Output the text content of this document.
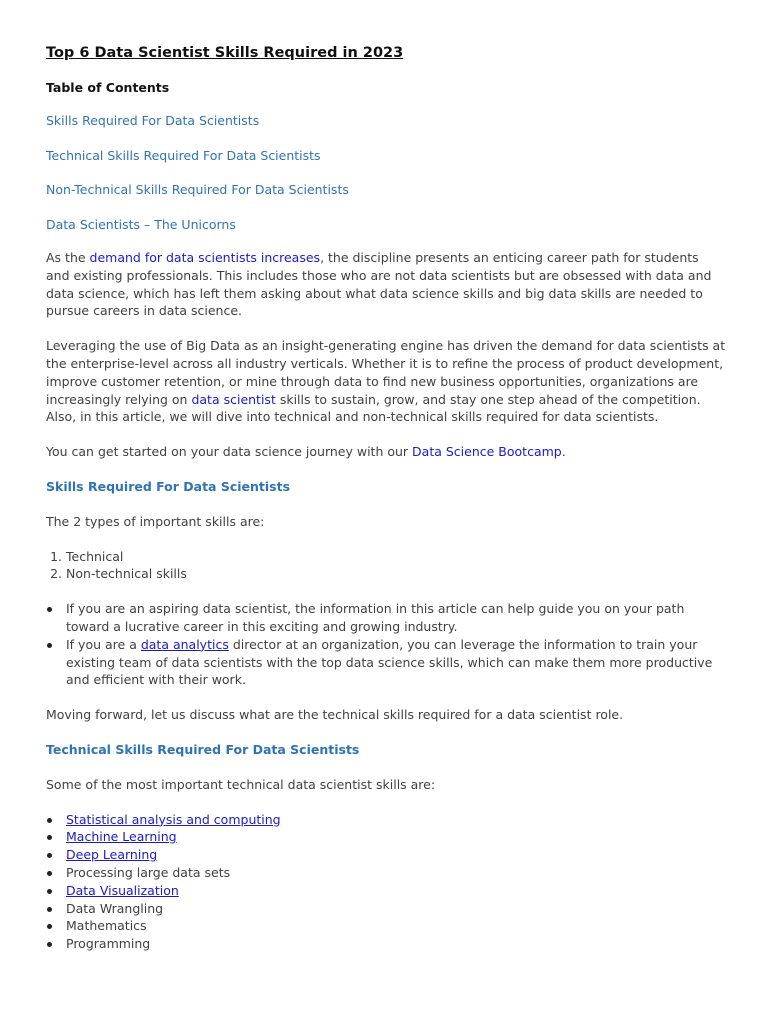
Top 6 Data Scientist Skills Required in 2023
Table of Contents
Skills Required For Data Scientists
Technical Skills Required For Data Scientists
Non-Technical Skills Required For Data Scientists
Data Scientists – The Unicorns

As the demand for data scientists increases, the discipline presents an enticing career path for students and existing professionals. This includes those who are not data scientists but are obsessed with data and data science, which has left them asking about what data science skills and big data skills are needed to pursue careers in data science.

Leveraging the use of Big Data as an insight-generating engine has driven the demand for data scientists at the enterprise-level across all industry verticals. Whether it is to refine the process of product development, improve customer retention, or mine through data to find new business opportunities, organizations are increasingly relying on data scientist skills to sustain, grow, and stay one step ahead of the competition. Also, in this article, we will dive into technical and non-technical skills required for data scientists.

You can get started on your data science journey with our Data Science Bootcamp.

Skills Required For Data Scientists

The 2 types of important skills are:

1. Technical
2. Non-technical skills
If you are an aspiring data scientist, the information in this article can help guide you on your path toward a lucrative career in this exciting and growing industry.
If you are a data analytics director at an organization, you can leverage the information to train your existing team of data scientists with the top data science skills, which can make them more productive and efficient with their work.

Moving forward, let us discuss what are the technical skills required for a data scientist role.

Technical Skills Required For Data Scientists

Some of the most important technical data scientist skills are:

Statistical analysis and computing
Machine Learning
Deep Learning
Processing large data sets
Data Visualization
Data Wrangling
Mathematics
Programming
